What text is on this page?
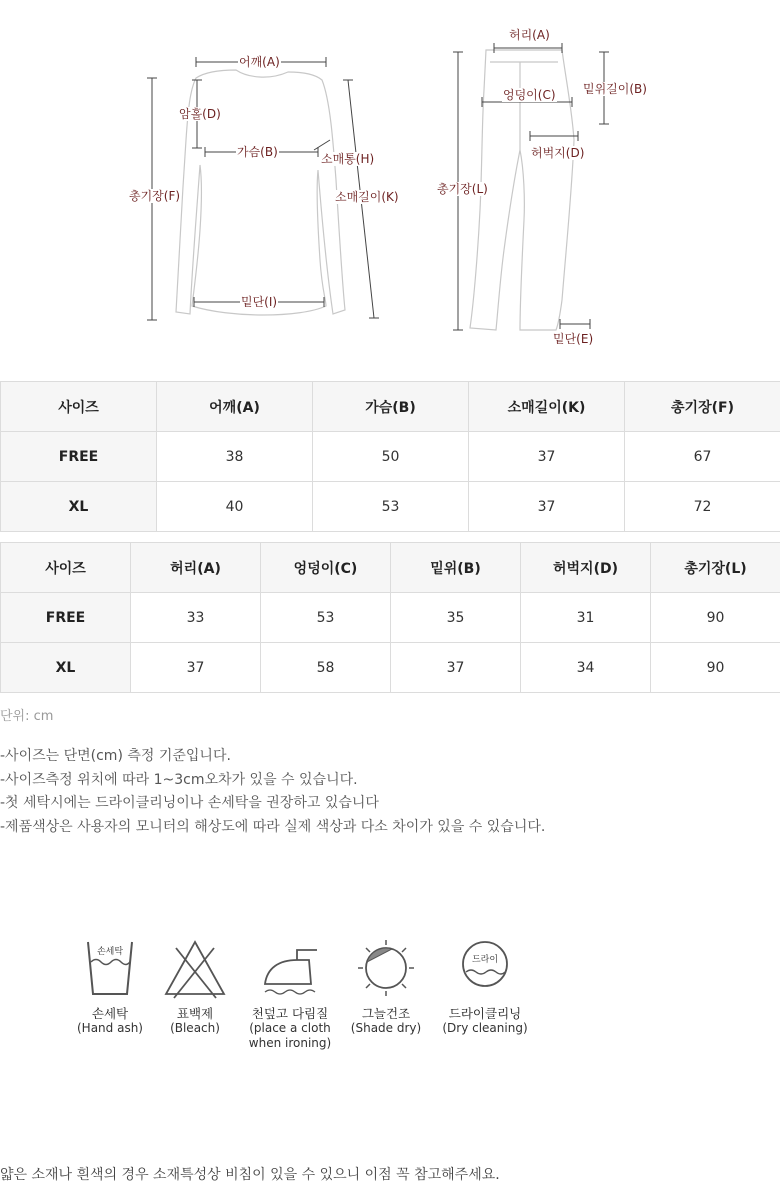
어깨(A)
암홀(D)
가슴(B)	소매통(H)
소매길이(K)
총기장(F)
밑단(I)
허리(A)
밑위길이(B)
엉덩이(C)
허벅지(D)
총기장(L)
밑단(E)
사이즈	어깨(A)	가슴(B)	소매길이(K)	총기장(F)
FREE	38	50	37	67
XL	40	53	37	72
사이즈	허리(A)	엉덩이(C)	밑위(B)	허벅지(D)	총기장(L)
FREE	33	53	35	31	90
XL	37	58	37	34	90
단위: cm
-사이즈는 단면(cm) 측정 기준입니다.
-사이즈측정 위치에 따라 1~3cm오차가 있을 수 있습니다.
-첫 세탁시에는 드라이클리닝이나 손세탁을 권장하고 있습니다
-제품색상은 사용자의 모니터의 해상도에 따라 실제 색상과 다소 차이가 있을 수 있습니다.
손세탁
손세탁
(Hand ash)
표백제
(Bleach)
천덮고 다림질
(place a cloth when ironing)
그늘건조
(Shade dry)
드라이
드라이클리닝
(Dry cleaning)
얇은 소재나 흰색의 경우 소재특성상 비침이 있을 수 있으니 이점 꼭 참고해주세요.
